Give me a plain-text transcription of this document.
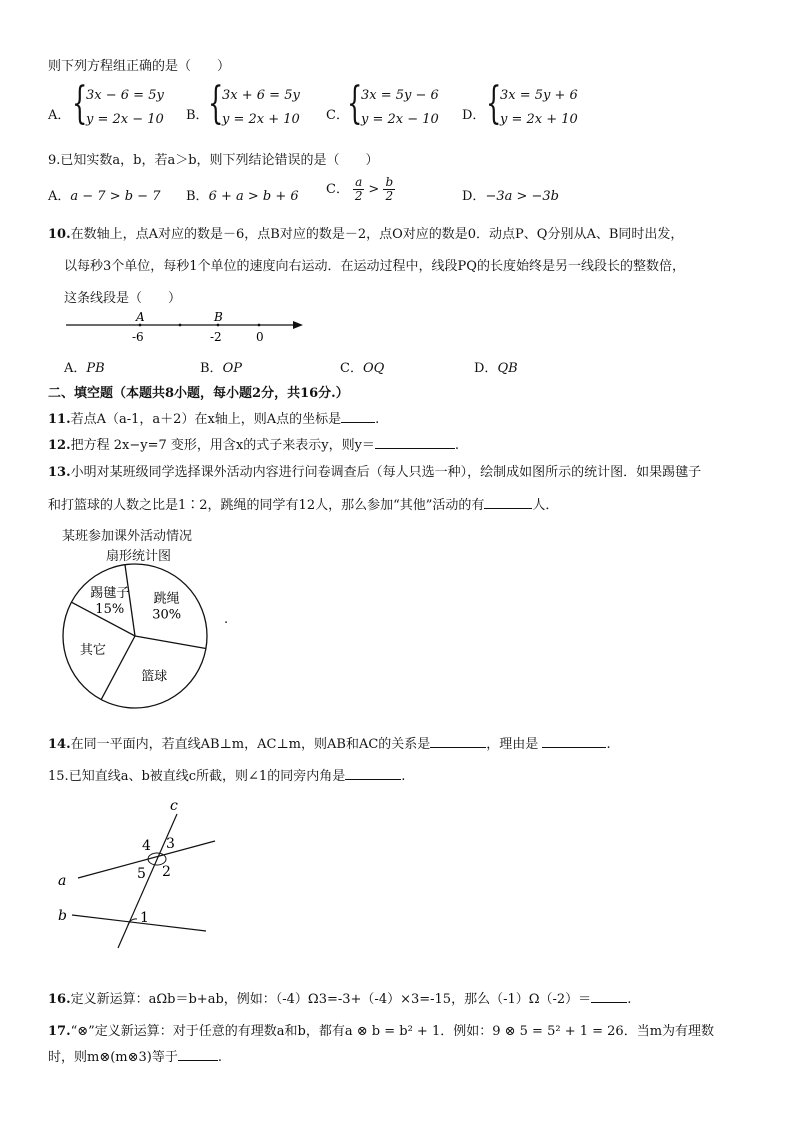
则下列方程组正确的是（　　）
A． {
3x − 6 = 5y
y = 2x − 10 B． {
3x + 6 = 5y
y = 2x + 10 C．
{
3x = 5y − 6
y = 2x − 10 D． {
3x = 5y + 6
y = 2x + 10
9.已知实数a，b，若a＞b，则下列结论错误的是（　　）
A．a − 7 > b − 7 B．6 + a > b + 6 C． $\frac{a}{2} > \frac{b}{2}$	D．−3a > −3b
10.在数轴上，点A对应的数是－6，点B对应的数是－2，点O对应的数是0．动点P、Q分别从A、B同时出发，
以每秒3个单位，每秒1个单位的速度向右运动．在运动过程中，线段PQ的长度始终是另一线段长的整数倍，
这条线段是（　　）
A	B
-6	-2	0
A．PB	B．OP	C．OQ	D．QB
二、填空题（本题共8小题，每小题2分，共16分.）
11.若点A（a-1，a＋2）在x轴上，则A点的坐标是	.
12.把方程 2x−y=7 变形，用含x的式子来表示y，则y＝	.
13.小明对某班级同学选择课外活动内容进行问卷调查后（每人只选一种），绘制成如图所示的统计图．如果踢毽子
和打篮球的人数之比是1∶2，跳绳的同学有12人，那么参加“其他”活动的有	人．
某班参加课外活动情况
扇形统计图
踢毽子
15%
跳绳
30%
篮球
其它
.
14.在同一平面内，若直线AB⊥m，AC⊥m，则AB和AC的关系是	，理由是	.
15.已知直线a、b被直线c所截，则∠1的同旁内角是	.
c
a
b	1
2
3
4
5
16.定义新运算：aΩb＝b+ab，例如：（-4）Ω3=-3+（-4）×3=-15，那么（-1）Ω（-2）＝	.
17.“⊗”定义新运算：对于任意的有理数a和b，都有a ⊗ b = b² + 1．例如：9 ⊗ 5 = 5² + 1 = 26．当m为有理数
时，则m⊗(m⊗3)等于	.
